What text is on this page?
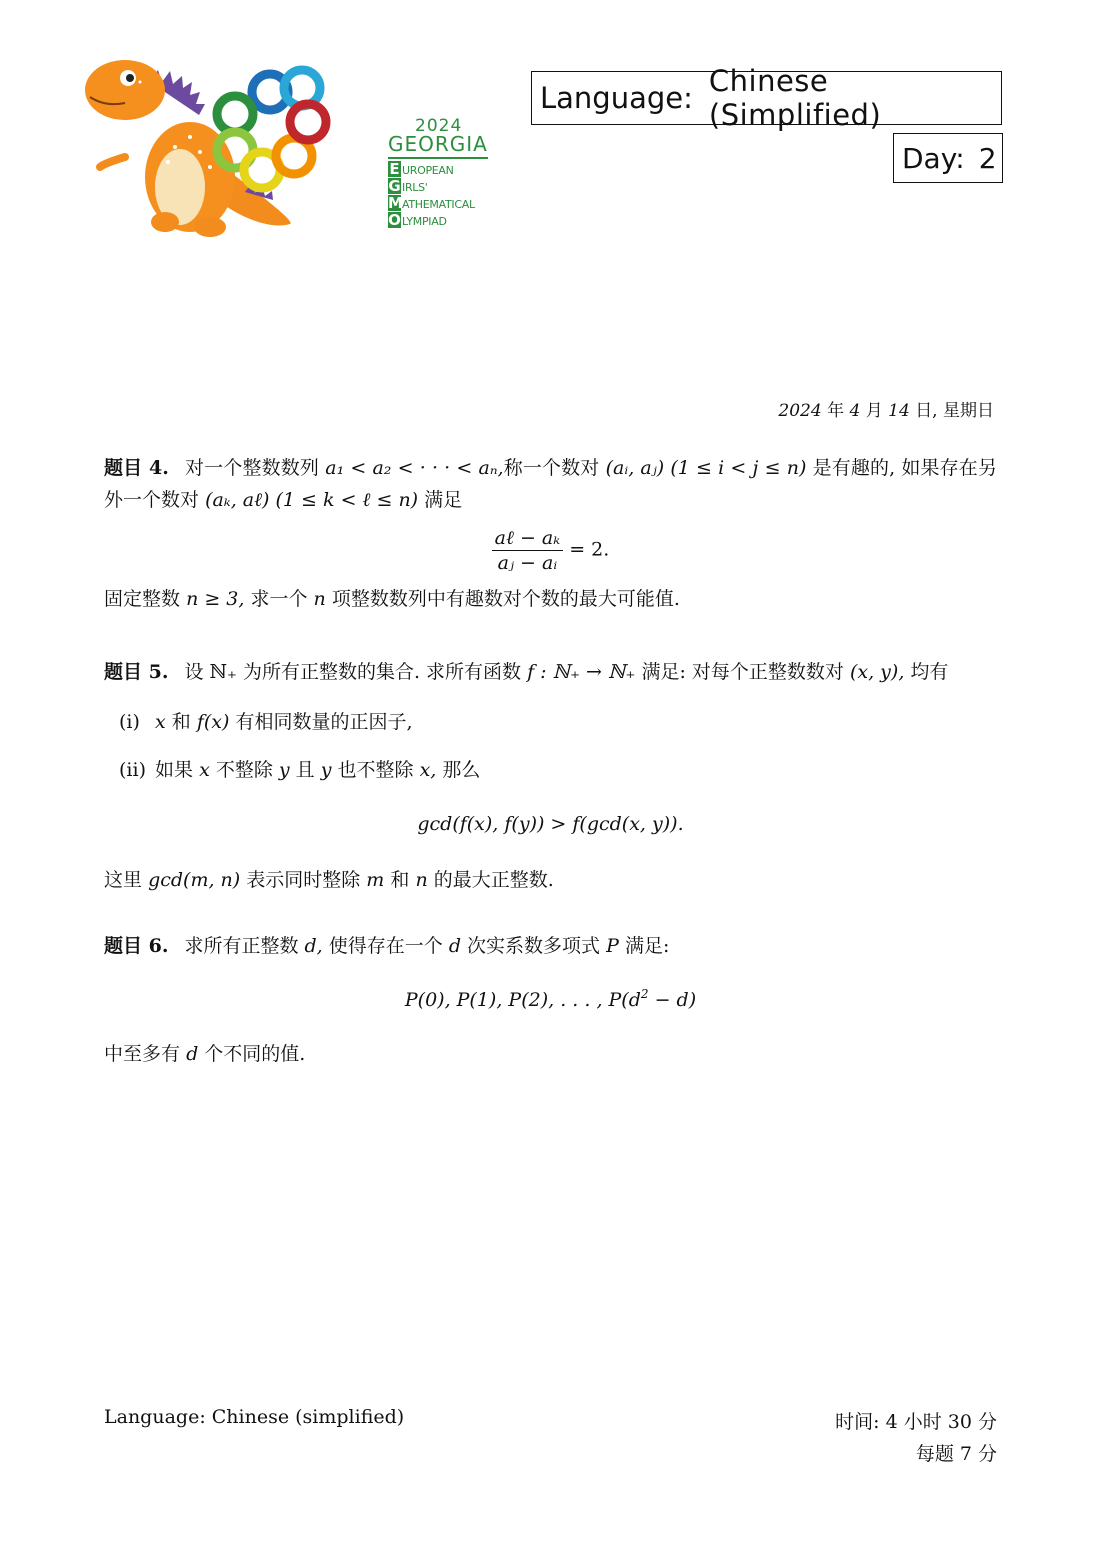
2024
GEORGIA
E UROPEAN
G IRLS'
M ATHEMATICAL
O LYMPIAD
Language: Chinese (Simplified)
Day: 2
2024 年 4 月 14 日, 星期日
题目 4. 对一个整数数列 a₁ < a₂ < · · · < aₙ,称一个数对 (aᵢ, aⱼ) (1 ≤ i < j ≤ n) 是有趣的, 如果存在另外一个数对 (aₖ, aℓ) (1 ≤ k < ℓ ≤ n) 满足
$\frac{\text{aℓ − aₖ}}{\text{aⱼ − aᵢ}} = 2$.
固定整数 n ≥ 3, 求一个 n 项整数数列中有趣数对个数的最大可能值.
题目 5. 设 ℕ₊ 为所有正整数的集合. 求所有函数 f : ℕ₊ → ℕ₊ 满足: 对每个正整数数对 (x, y), 均有
(i) x 和 f(x) 有相同数量的正因子,
(ii) 如果 x 不整除 y 且 y 也不整除 x, 那么
gcd(f(x), f(y)) > f(gcd(x, y)).
这里 gcd(m, n) 表示同时整除 m 和 n 的最大正整数.
题目 6. 求所有正整数 d, 使得存在一个 d 次实系数多项式 P 满足:
P(0), P(1), P(2), . . . , $P(d^2 - d)$
中至多有 d 个不同的值.
Language: Chinese (simplified)	时间: 4 小时 30 分
每题 7 分
